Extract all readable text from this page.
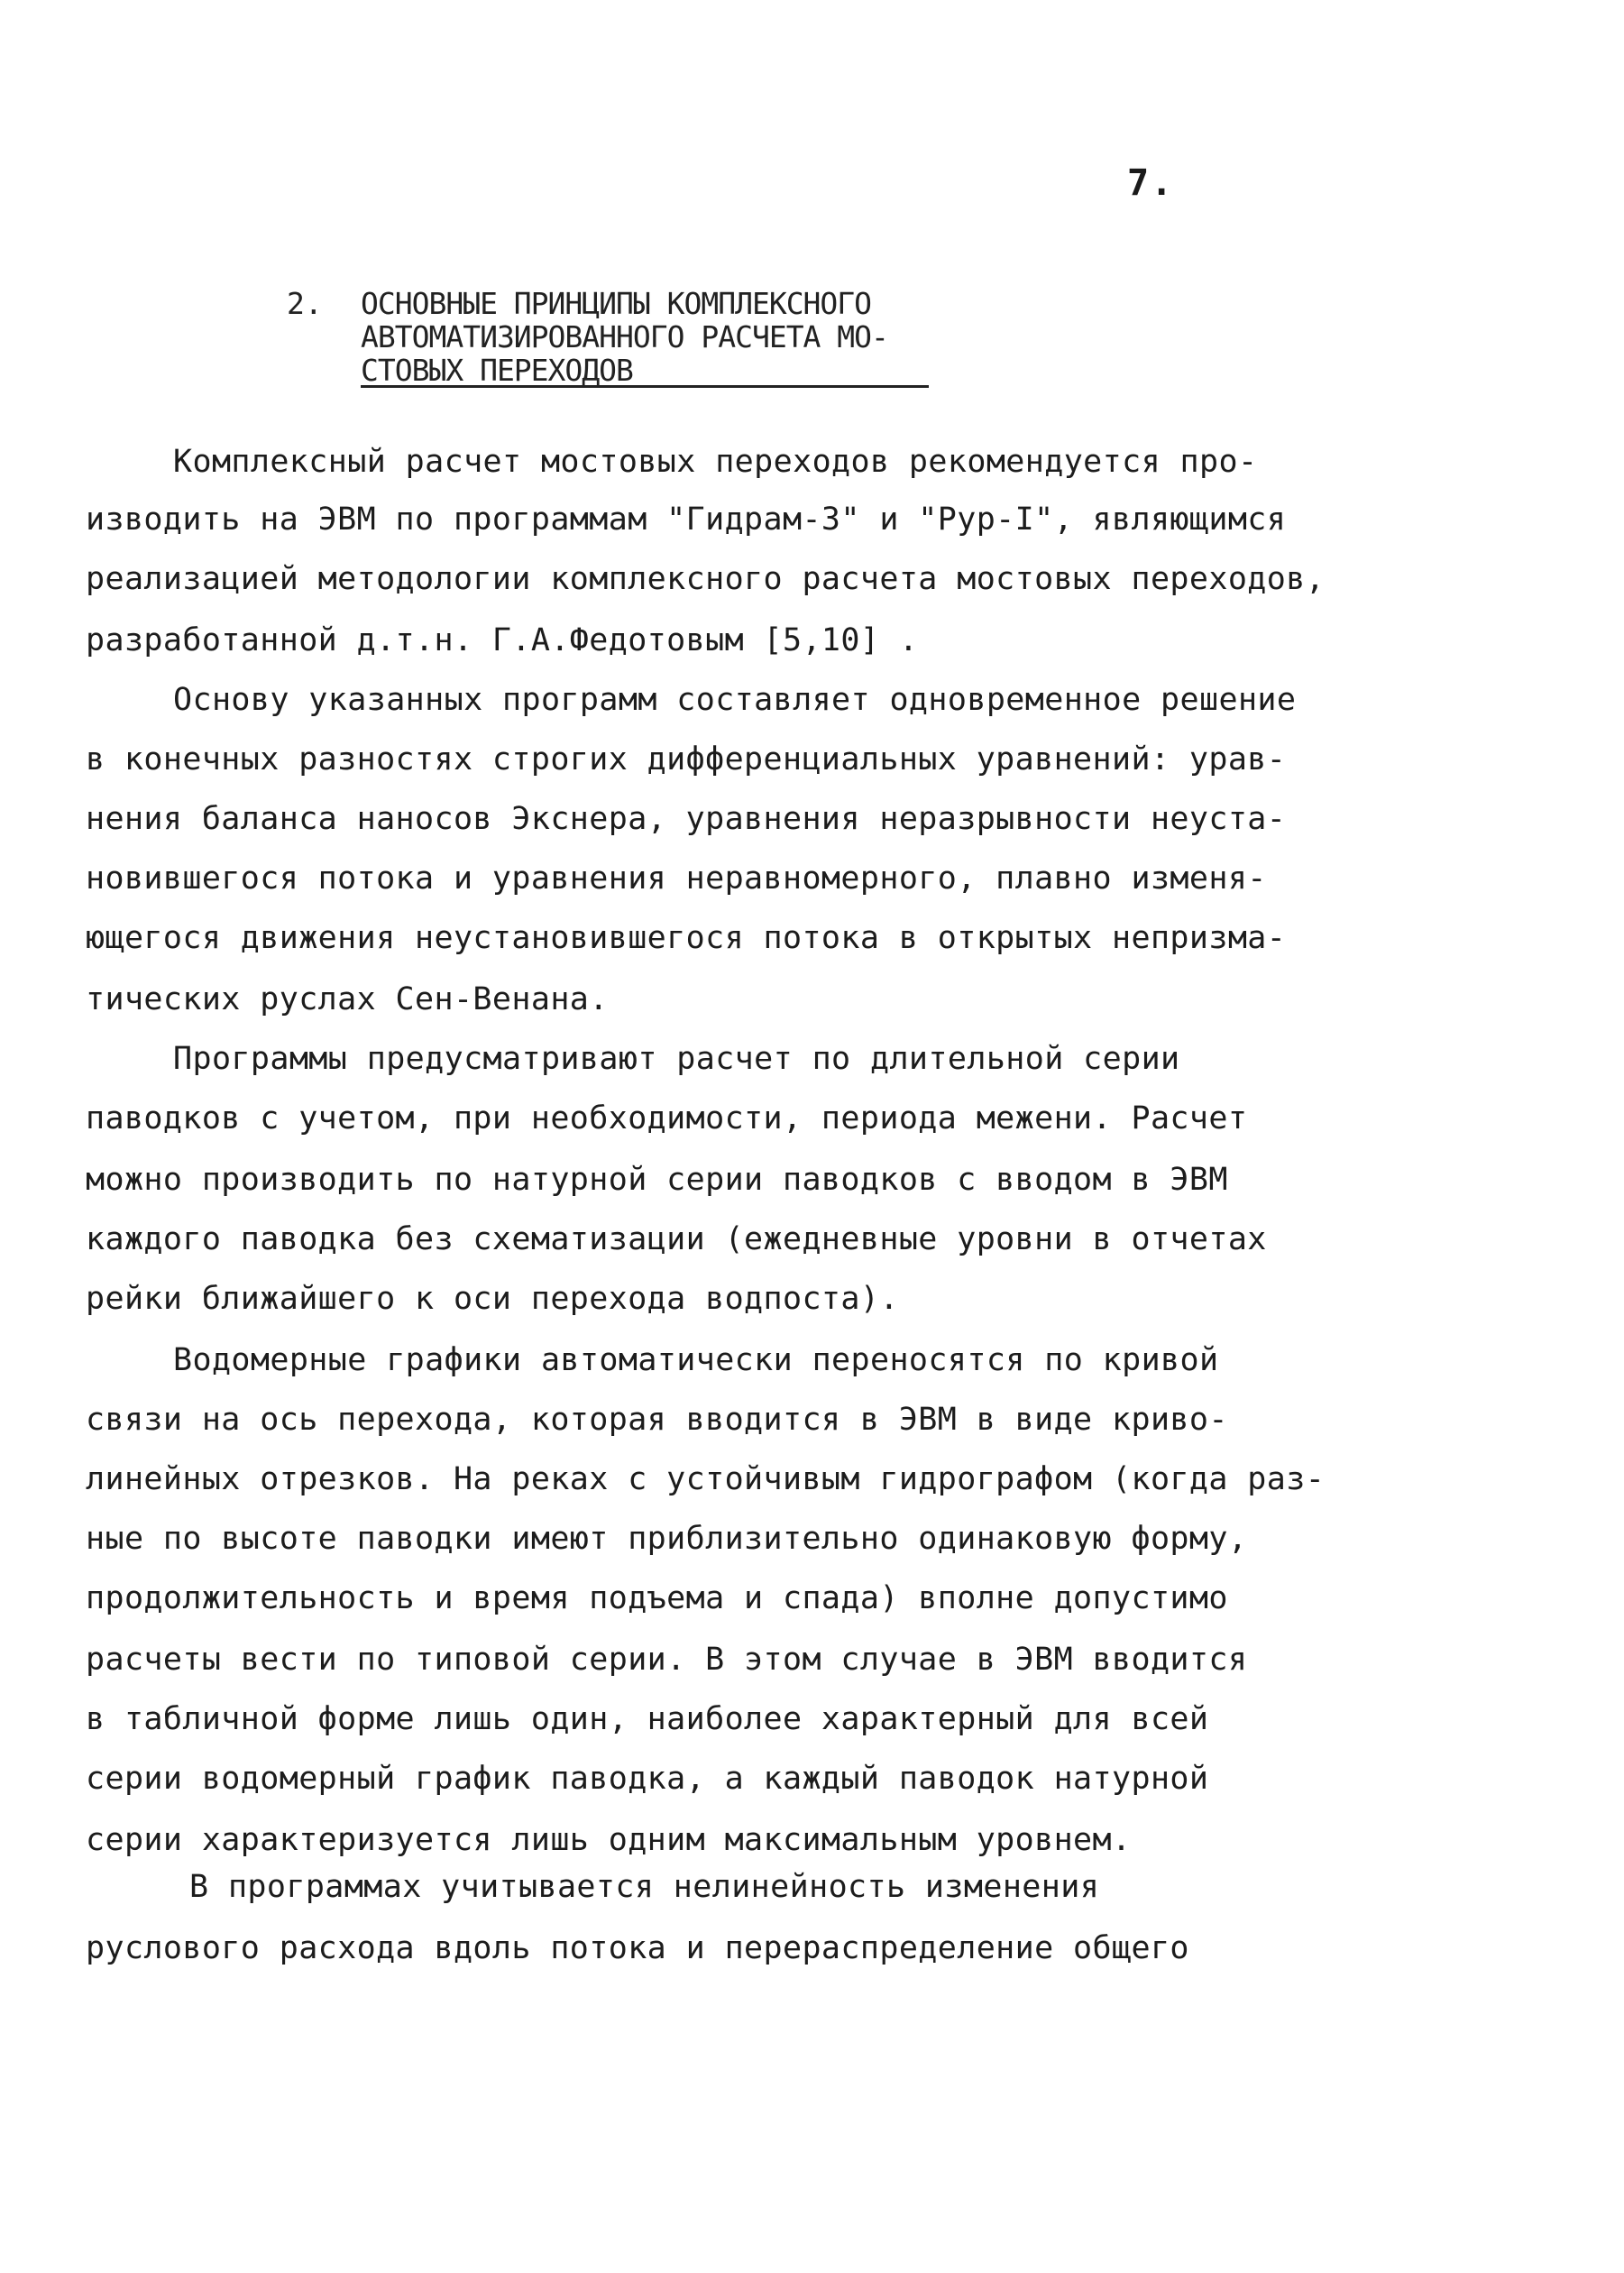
7.
2. ОСНОВНЫЕ ПРИНЦИПЫ КОМПЛЕКСНОГО
АВТОМАТИЗИРОВАННОГО РАСЧЕТА МО-
СТОВЫХ ПЕРЕХОДОВ
Комплексный расчет мостовых переходов рекомендуется про-
изводить на ЭВМ по программам "Гидрам-3" и "Рур-I", являющимся
реализацией методологии комплексного расчета мостовых переходов,
разработанной д.т.н. Г.А.Федотовым [5,10] .
Основу указанных программ составляет одновременное решение
в конечных разностях строгих дифференциальных уравнений: урав-
нения баланса наносов Экснера, уравнения неразрывности неуста-
новившегося потока и уравнения неравномерного, плавно изменя-
ющегося движения неустановившегося потока в открытых непризма-
тических руслах Сен-Венана.
Программы предусматривают расчет по длительной серии
паводков с учетом, при необходимости, периода межени. Расчет
можно производить по натурной серии паводков с вводом в ЭВМ
каждого паводка без схематизации (ежедневные уровни в отчетах
рейки ближайшего к оси перехода водпоста).
Водомерные графики автоматически переносятся по кривой
связи на ось перехода, которая вводится в ЭВМ в виде криво-
линейных отрезков. На реках с устойчивым гидрографом (когда раз-
ные по высоте паводки имеют приблизительно одинаковую форму,
продолжительность и время подъема и спада) вполне допустимо
расчеты вести по типовой серии. В этом случае в ЭВМ вводится
в табличной форме лишь один, наиболее характерный для всей
серии водомерный график паводка, а каждый паводок натурной
серии характеризуется лишь одним максимальным уровнем.
В программах учитывается нелинейность изменения
руслового расхода вдоль потока и перераспределение общего
